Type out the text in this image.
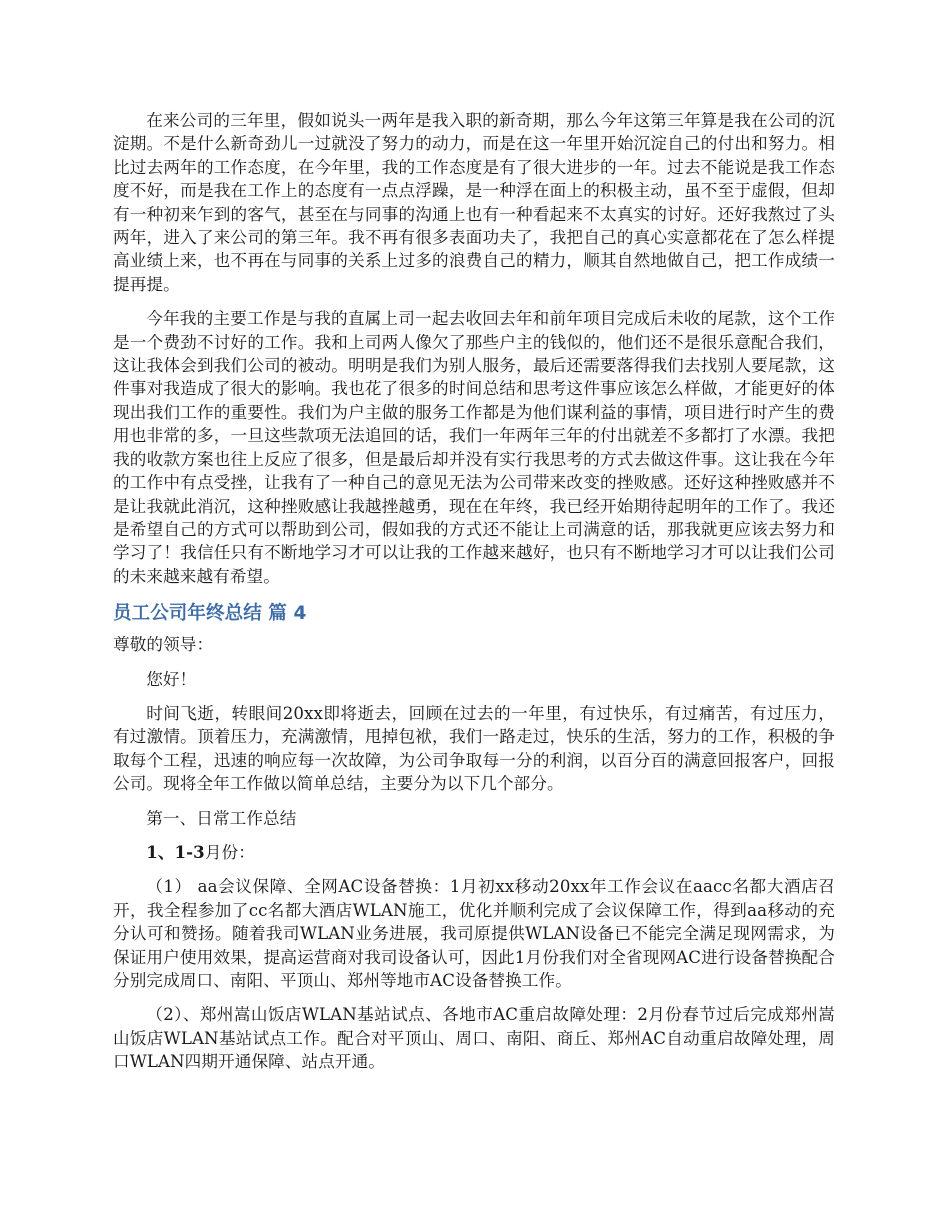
在来公司的三年里，假如说头一两年是我入职的新奇期，那么今年这第三年算是我在公司的沉淀期。不是什么新奇劲儿一过就没了努力的动力，而是在这一年里开始沉淀自己的付出和努力。相比过去两年的工作态度，在今年里，我的工作态度是有了很大进步的一年。过去不能说是我工作态度不好，而是我在工作上的态度有一点点浮躁，是一种浮在面上的积极主动，虽不至于虚假，但却有一种初来乍到的客气，甚至在与同事的沟通上也有一种看起来不太真实的讨好。还好我熬过了头两年，进入了来公司的第三年。我不再有很多表面功夫了，我把自己的真心实意都花在了怎么样提高业绩上来，也不再在与同事的关系上过多的浪费自己的精力，顺其自然地做自己，把工作成绩一提再提。

今年我的主要工作是与我的直属上司一起去收回去年和前年项目完成后未收的尾款，这个工作是一个费劲不讨好的工作。我和上司两人像欠了那些户主的钱似的，他们还不是很乐意配合我们，这让我体会到我们公司的被动。明明是我们为别人服务，最后还需要落得我们去找别人要尾款，这件事对我造成了很大的影响。我也花了很多的时间总结和思考这件事应该怎么样做，才能更好的体现出我们工作的重要性。我们为户主做的服务工作都是为他们谋利益的事情，项目进行时产生的费用也非常的多，一旦这些款项无法追回的话，我们一年两年三年的付出就差不多都打了水漂。我把我的收款方案也往上反应了很多，但是最后却并没有实行我思考的方式去做这件事。这让我在今年的工作中有点受挫，让我有了一种自己的意见无法为公司带来改变的挫败感。还好这种挫败感并不是让我就此消沉，这种挫败感让我越挫越勇，现在在年终，我已经开始期待起明年的工作了。我还是希望自己的方式可以帮助到公司，假如我的方式还不能让上司满意的话，那我就更应该去努力和学习了！我信任只有不断地学习才可以让我的工作越来越好，也只有不断地学习才可以让我们公司的未来越来越有希望。

员工公司年终总结 篇 4

尊敬的领导：

您好！

时间飞逝，转眼间20xx即将逝去，回顾在过去的一年里，有过快乐，有过痛苦，有过压力，有过激情。顶着压力，充满激情，甩掉包袱，我们一路走过，快乐的生活，努力的工作，积极的争取每个工程，迅速的响应每一次故障，为公司争取每一分的利润，以百分百的满意回报客户，回报公司。现将全年工作做以简单总结，主要分为以下几个部分。

第一、日常工作总结

1、1-3月份：

（1） aa会议保障、全网AC设备替换：1月初xx移动20xx年工作会议在aacc名都大酒店召开，我全程参加了cc名都大酒店WLAN施工，优化并顺利完成了会议保障工作，得到aa移动的充分认可和赞扬。随着我司WLAN业务进展，我司原提供WLAN设备已不能完全满足现网需求，为保证用户使用效果，提高运营商对我司设备认可，因此1月份我们对全省现网AC进行设备替换配合分别完成周口、南阳、平顶山、郑州等地市AC设备替换工作。

（2）、郑州嵩山饭店WLAN基站试点、各地市AC重启故障处理：2月份春节过后完成郑州嵩山饭店WLAN基站试点工作。配合对平顶山、周口、南阳、商丘、郑州AC自动重启故障处理，周口WLAN四期开通保障、站点开通。
